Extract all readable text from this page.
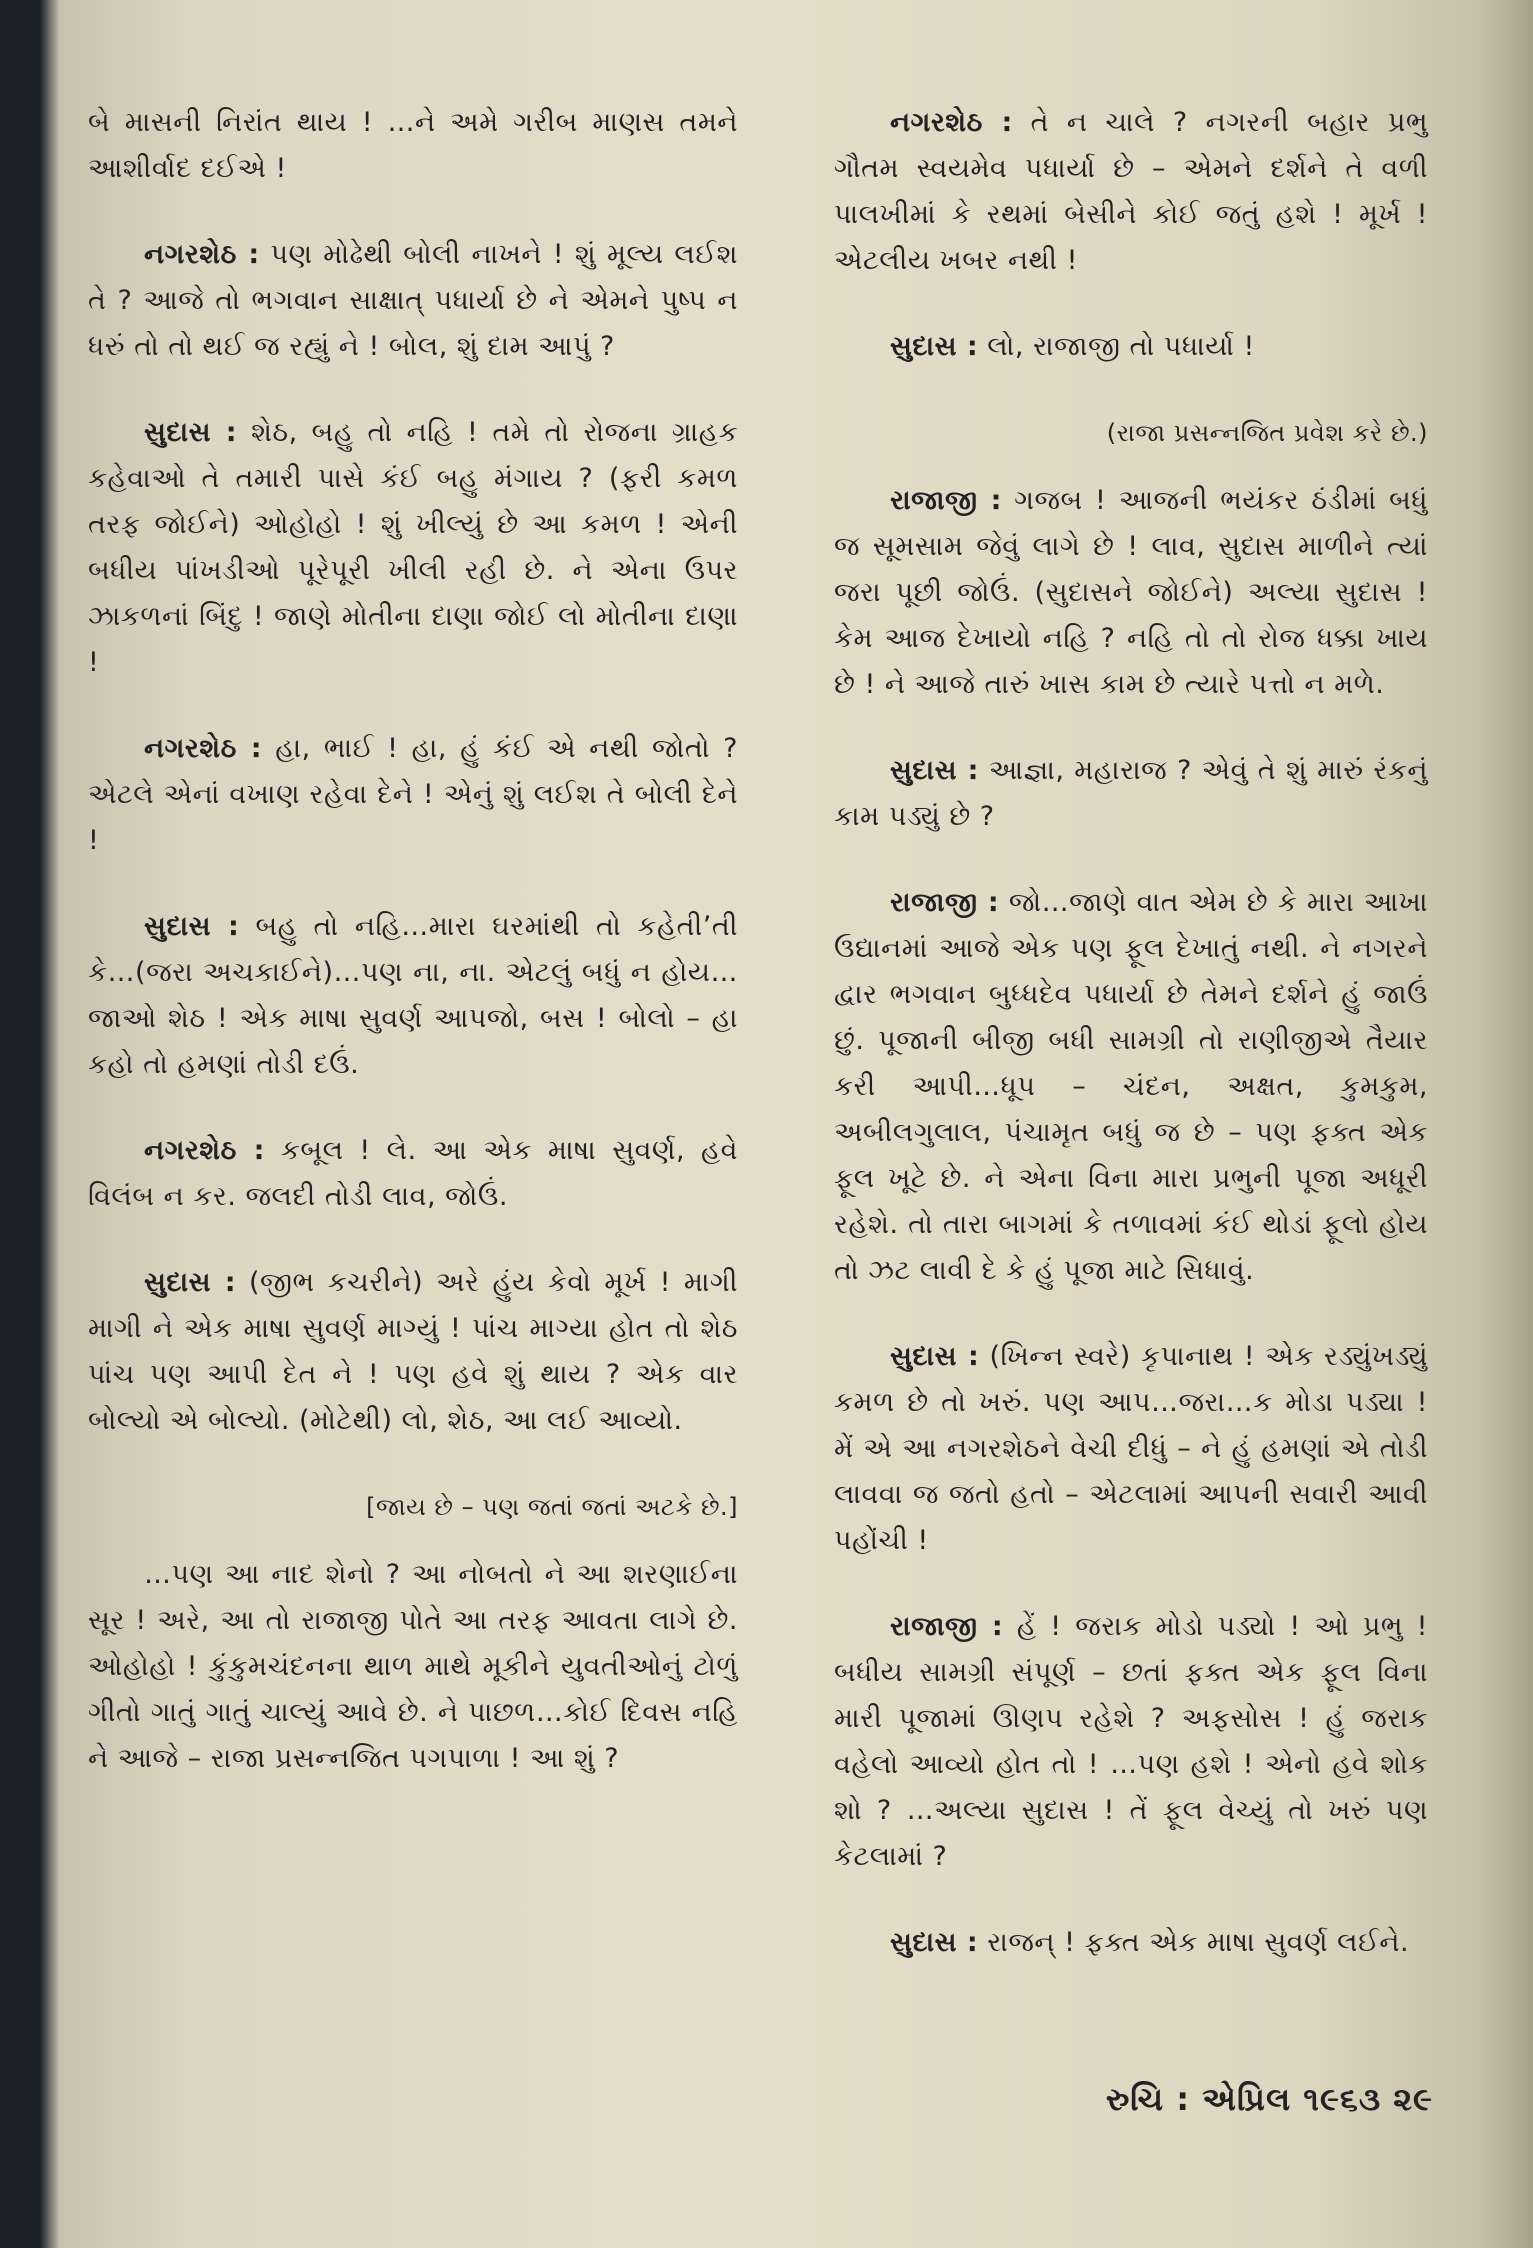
બે માસની નિરાંત થાય ! …ને અમે ગરીબ માણસ તમને આશીર્વાદ દઈએ !

નગરશેઠ : પણ મોઢેથી બોલી નાખને ! શું મૂલ્ય લઈશ તે ? આજે તો ભગવાન સાક્ષાત્ પધાર્યા છે ને એમને પુષ્પ ન ધરું તો તો થઈ જ રહ્યું ને ! બોલ, શું દામ આપું ?

સુદાસ : શેઠ, બહુ તો નહિ ! તમે તો રોજના ગ્રાહક કહેવાઓ તે તમારી પાસે કંઈ બહુ મંગાય ? (ફરી કમળ તરફ જોઈને) ઓહોહો ! શું ખીલ્યું છે આ કમળ ! એની બધીય પાંખડીઓ પૂરેપૂરી ખીલી રહી છે. ને એના ઉપર ઝાકળનાં બિંદુ ! જાણે મોતીના દાણા જોઈ લો મોતીના દાણા !

નગરશેઠ : હા, ભાઈ ! હા, હું કંઈ એ નથી જોતો ? એટલે એનાં વખાણ રહેવા દેને ! એનું શું લઈશ તે બોલી દેને !

સુદાસ : બહુ તો નહિ…મારા ઘરમાંથી તો કહેતી’તી કે…(જરા અચકાઈને)…પણ ના, ના. એટલું બધું ન હોય…જાઓ શેઠ ! એક માષા સુવર્ણ આપજો, બસ ! બોલો – હા કહો તો હમણાં તોડી દઉં.

નગરશેઠ : કબૂલ ! લે. આ એક માષા સુવર્ણ, હવે વિલંબ ન કર. જલદી તોડી લાવ, જોઉં.

સુદાસ : (જીભ કચરીને) અરે હુંય કેવો મૂર્ખ ! માગી માગી ને એક માષા સુવર્ણ માગ્યું ! પાંચ માગ્યા હોત તો શેઠ પાંચ પણ આપી દેત ને ! પણ હવે શું થાય ? એક વાર બોલ્યો એ બોલ્યો. (મોટેથી) લો, શેઠ, આ લઈ આવ્યો.

[જાય છે – પણ જતાં જતાં અટકે છે.]

…પણ આ નાદ શેનો ? આ નોબતો ને આ શરણાઈના સૂર ! અરે, આ તો રાજાજી પોતે આ તરફ આવતા લાગે છે. ઓહોહો ! કુંકુમચંદનના થાળ માથે મૂકીને યુવતીઓનું ટોળું ગીતો ગાતું ગાતું ચાલ્યું આવે છે. ને પાછળ…કોઈ દિવસ નહિ ને આજે – રાજા પ્રસન્નજિત પગપાળા ! આ શું ?

નગરશેઠ : તે ન ચાલે ? નગરની બહાર પ્રભુ ગૌતમ સ્વયમેવ પધાર્યા છે – એમને દર્શને તે વળી પાલખીમાં કે રથમાં બેસીને કોઈ જતું હશે ! મૂર્ખ ! એટલીય ખબર નથી !

સુદાસ : લો, રાજાજી તો પધાર્યા !

(રાજા પ્રસન્નજિત પ્રવેશ કરે છે.)

રાજાજી : ગજબ ! આજની ભયંકર ઠંડીમાં બધું જ સૂમસામ જેવું લાગે છે ! લાવ, સુદાસ માળીને ત્યાં જરા પૂછી જોઉં. (સુદાસને જોઈને) અલ્યા સુદાસ ! કેમ આજ દેખાયો નહિ ? નહિ તો તો રોજ ધક્કા ખાય છે ! ને આજે તારું ખાસ કામ છે ત્યારે પત્તો ન મળે.

સુદાસ : આજ્ઞા, મહારાજ ? એવું તે શું મારું રંકનું કામ પડ્યું છે ?

રાજાજી : જો…જાણે વાત એમ છે કે મારા આખા ઉદ્યાનમાં આજે એક પણ ફૂલ દેખાતું નથી. ને નગરને દ્વાર ભગવાન બુધ્ધદેવ પધાર્યા છે તેમને દર્શને હું જાઉં છું. પૂજાની બીજી બધી સામગ્રી તો રાણીજીએ તૈયાર કરી આપી…ધૂપ – ચંદન, અક્ષત, કુમકુમ, અબીલગુલાલ, પંચામૃત બધું જ છે – પણ ફક્ત એક ફૂલ ખૂટે છે. ને એના વિના મારા પ્રભુની પૂજા અધૂરી રહેશે. તો તારા બાગમાં કે તળાવમાં કંઈ થોડાં ફૂલો હોય તો ઝટ લાવી દે કે હું પૂજા માટે સિધાવું.

સુદાસ : (ખિન્ન સ્વરે) કૃપાનાથ ! એક રડ્યુંખડ્યું કમળ છે તો ખરું. પણ આપ…જરા…ક મોડા પડ્યા ! મેં એ આ નગરશેઠને વેચી દીધું – ને હું હમણાં એ તોડી લાવવા જ જતો હતો – એટલામાં આપની સવારી આવી પહોંચી !

રાજાજી : હેં ! જરાક મોડો પડ્યો ! ઓ પ્રભુ ! બધીય સામગ્રી સંપૂર્ણ – છતાં ફક્ત એક ફૂલ વિના મારી પૂજામાં ઊણપ રહેશે ? અફસોસ ! હું જરાક વહેલો આવ્યો હોત તો ! …પણ હશે ! એનો હવે શોક શો ? …અલ્યા સુદાસ ! તેં ફૂલ વેચ્યું તો ખરું પણ કેટલામાં ?

સુદાસ : રાજન્ ! ફક્ત એક માષા સુવર્ણ લઈને.

રુચિ : એપ્રિલ ૧૯૬૩ ૨૯
